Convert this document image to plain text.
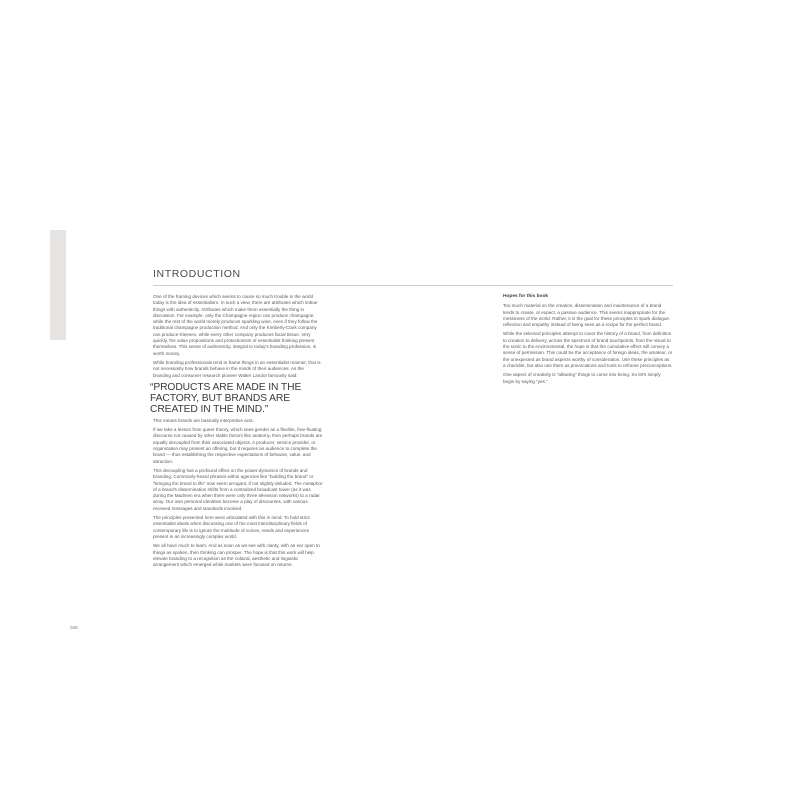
INTRODUCTION

One of the framing devices which seems to cause so much trouble in the world today is the idea of essentialism. In such a view, there are attributes which imbue things with authenticity. Attributes which make them essentially the thing in discussion. For example, only the Champagne region can produce champagne, while the rest of the world merely produces sparkling wine, even if they follow the traditional champagne production method. And only the Kimberly-Clark company can produce Kleenex, while every other company produces facial tissue. Very quickly, the value propositions and protectionism of essentialist thinking present themselves. This sense of authenticity, integral to today's branding profession, is worth money.

While branding professionals tend to frame things in an essentialist manner, that is not necessarily how brands behave in the minds of their audiences. As the branding and consumer research pioneer Walter Landor famously said:

“PRODUCTS ARE MADE IN THE FACTORY, BUT BRANDS ARE CREATED IN THE MIND.”

This means brands are basically interpretive acts.

If we take a lesson from queer theory, which sees gender as a flexible, free-floating discourse not caused by other stable factors like anatomy, then perhaps brands are equally decoupled from their associated objects. A producer, service provider, or organization may present an offering, but it requires an audience to complete the brand — thus establishing the respective expectations of behavior, value, and attraction.

This decoupling has a profound effect on the power dynamics of brands and branding. Commonly-heard phrases within agencies like “building the brand” or “bringing the brand to life” now seem arrogant, if not slightly deluded. The metaphor of a brand's dissemination shifts from a centralized broadcast tower (as it was during the Madmen era when there were only three television networks) to a radar array. Our own personal identities become a play of discourses, with various received messages and standards involved.

The principles presented here were articulated with this in mind. To hold strict essentialist ideals when discussing one of the most interdisciplinary fields of contemporary life is to ignore the multitude of voices, needs and experiences present in an increasingly complex world.

We all have much to learn. And as soon as we see with clarity, with an ear open to things as spoken, then thinking can prosper. The hope is that this work will help elevate branding to a recognition as the cultural, aesthetic and linguistic arrangement which emerged while markets were focused on returns.

Hopes for this book

Too much material on the creation, dissemination and maintenance of a brand tends to create, or expect, a passive audience. This seems inappropriate for the messiness of the world. Rather, it is the goal for these principles to spark dialogue, reflection and empathy instead of being seen as a recipe for the perfect brand.

While the selected principles attempt to cover the history of a brand, from definition to creation to delivery, across the spectrum of brand touchpoints, from the visual to the sonic to the environmental, the hope is that the cumulative effect will convey a sense of permission. This could be the acceptance of foreign ideas, the amateur, or the unexpected as brand aspects worthy of consideration. Use these principles as a checklist, but also use them as provocations and tools to reframe preconceptions.

One aspect of creativity is “allowing” things to come into being. So let's simply begin by saying “yes.”

046
